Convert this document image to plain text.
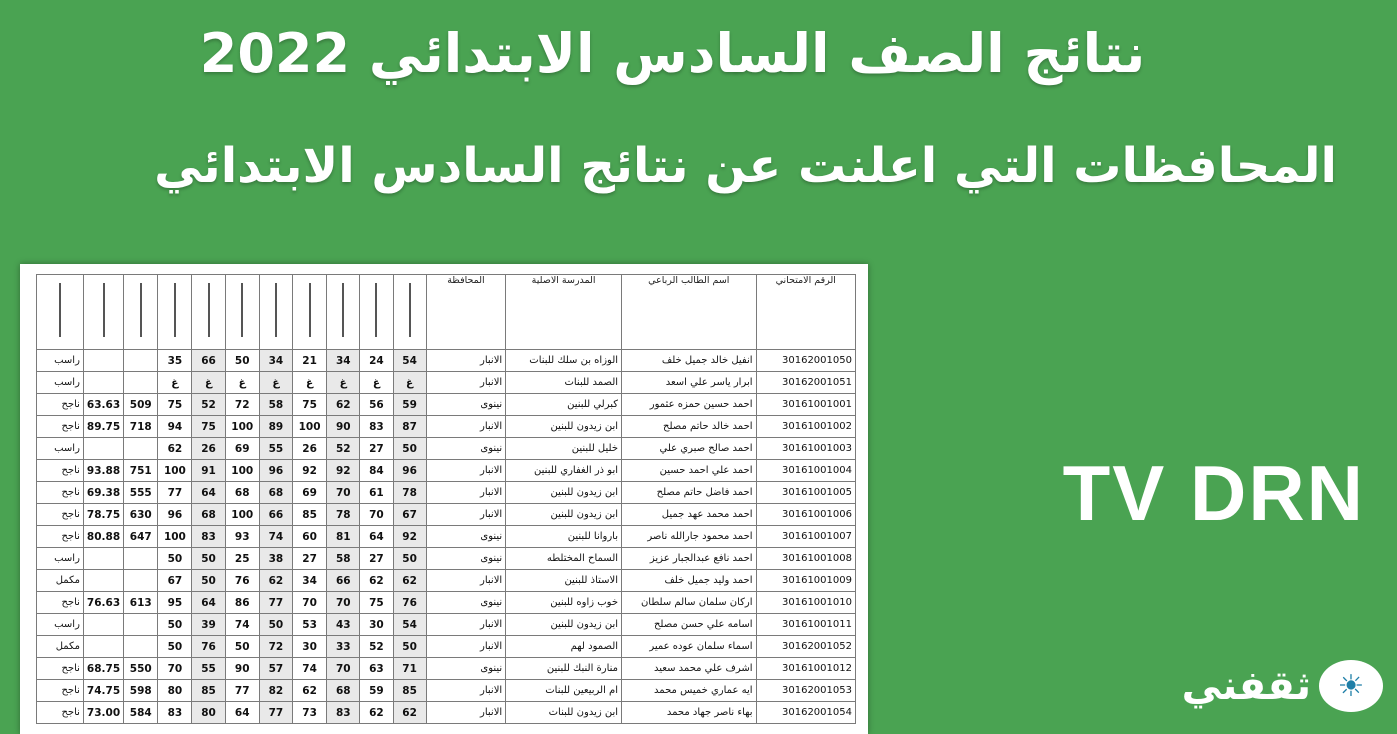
نتائج الصف السادس الابتدائي 2022
المحافظات التي اعلنت عن نتائج السادس الابتدائي
الرقم الامتحاني	اسم الطالب الرباعي	المدرسة الاصلية	المحافظة	

30162001050	انفيل خالد جميل خلف	الوزاه بن سلك للبنات	الانبار	54	24	34	21	34	50	66	35			راسب
30162001051	ابرار ياسر علي اسعد	الصمد للبنات	الانبار	غ	غ	غ	غ	غ	غ	غ	غ			راسب
30161001001	احمد حسين حمزه عثمور	كبرلي للبنين	نينوى	59	56	62	75	58	72	52	75	509	63.63	ناجح
30161001002	احمد خالد حاتم مصلح	ابن زيدون للبنين	الانبار	87	83	90	100	89	100	75	94	718	89.75	ناجح
30161001003	احمد صالح صبري علي	خليل للبنين	نينوى	50	27	52	26	55	69	26	62			راسب
30161001004	احمد علي احمد حسين	ابو ذر الغفاري للبنين	الانبار	96	84	92	92	96	100	91	100	751	93.88	ناجح
30161001005	احمد فاضل حاتم مصلح	ابن زيدون للبنين	الانبار	78	61	70	69	68	68	64	77	555	69.38	ناجح
30161001006	احمد محمد عهد جميل	ابن زيدون للبنين	الانبار	67	70	78	85	66	100	68	96	630	78.75	ناجح
30161001007	احمد محمود جارالله ناصر	باروانا للبنين	نينوى	92	64	81	60	74	93	83	100	647	80.88	ناجح
30161001008	احمد نافع عبدالجبار عزيز	السماح المختلطه	نينوى	50	27	58	27	38	25	50	50			راسب
30161001009	احمد وليد جميل خلف	الاستاذ للبنين	الانبار	62	62	66	34	62	76	50	67			مكمل
30161001010	اركان سلمان سالم سلطان	خوب زاوه للبنين	نينوى	76	75	70	70	77	86	64	95	613	76.63	ناجح
30161001011	اسامه علي حسن مصلح	ابن زيدون للبنين	الانبار	54	30	43	53	50	74	39	50			راسب
30162001052	اسماء سلمان عوده عمير	الصمود لهم	الانبار	50	52	33	30	72	50	76	50			مكمل
30161001012	اشرف علي محمد سعيد	منارة النبك للبنين	نينوى	71	63	70	74	57	90	55	70	550	68.75	ناجح
30162001053	ايه عماري خميس محمد	ام الربيعين للبنات	الانبار	85	59	68	62	82	77	85	80	598	74.75	ناجح
30162001054	بهاء ناصر جهاد محمد	ابن زيدون للبنات	الانبار	62	62	83	73	77	64	80	83	584	73.00	ناجح
TV DRN
ثقفني ☀
